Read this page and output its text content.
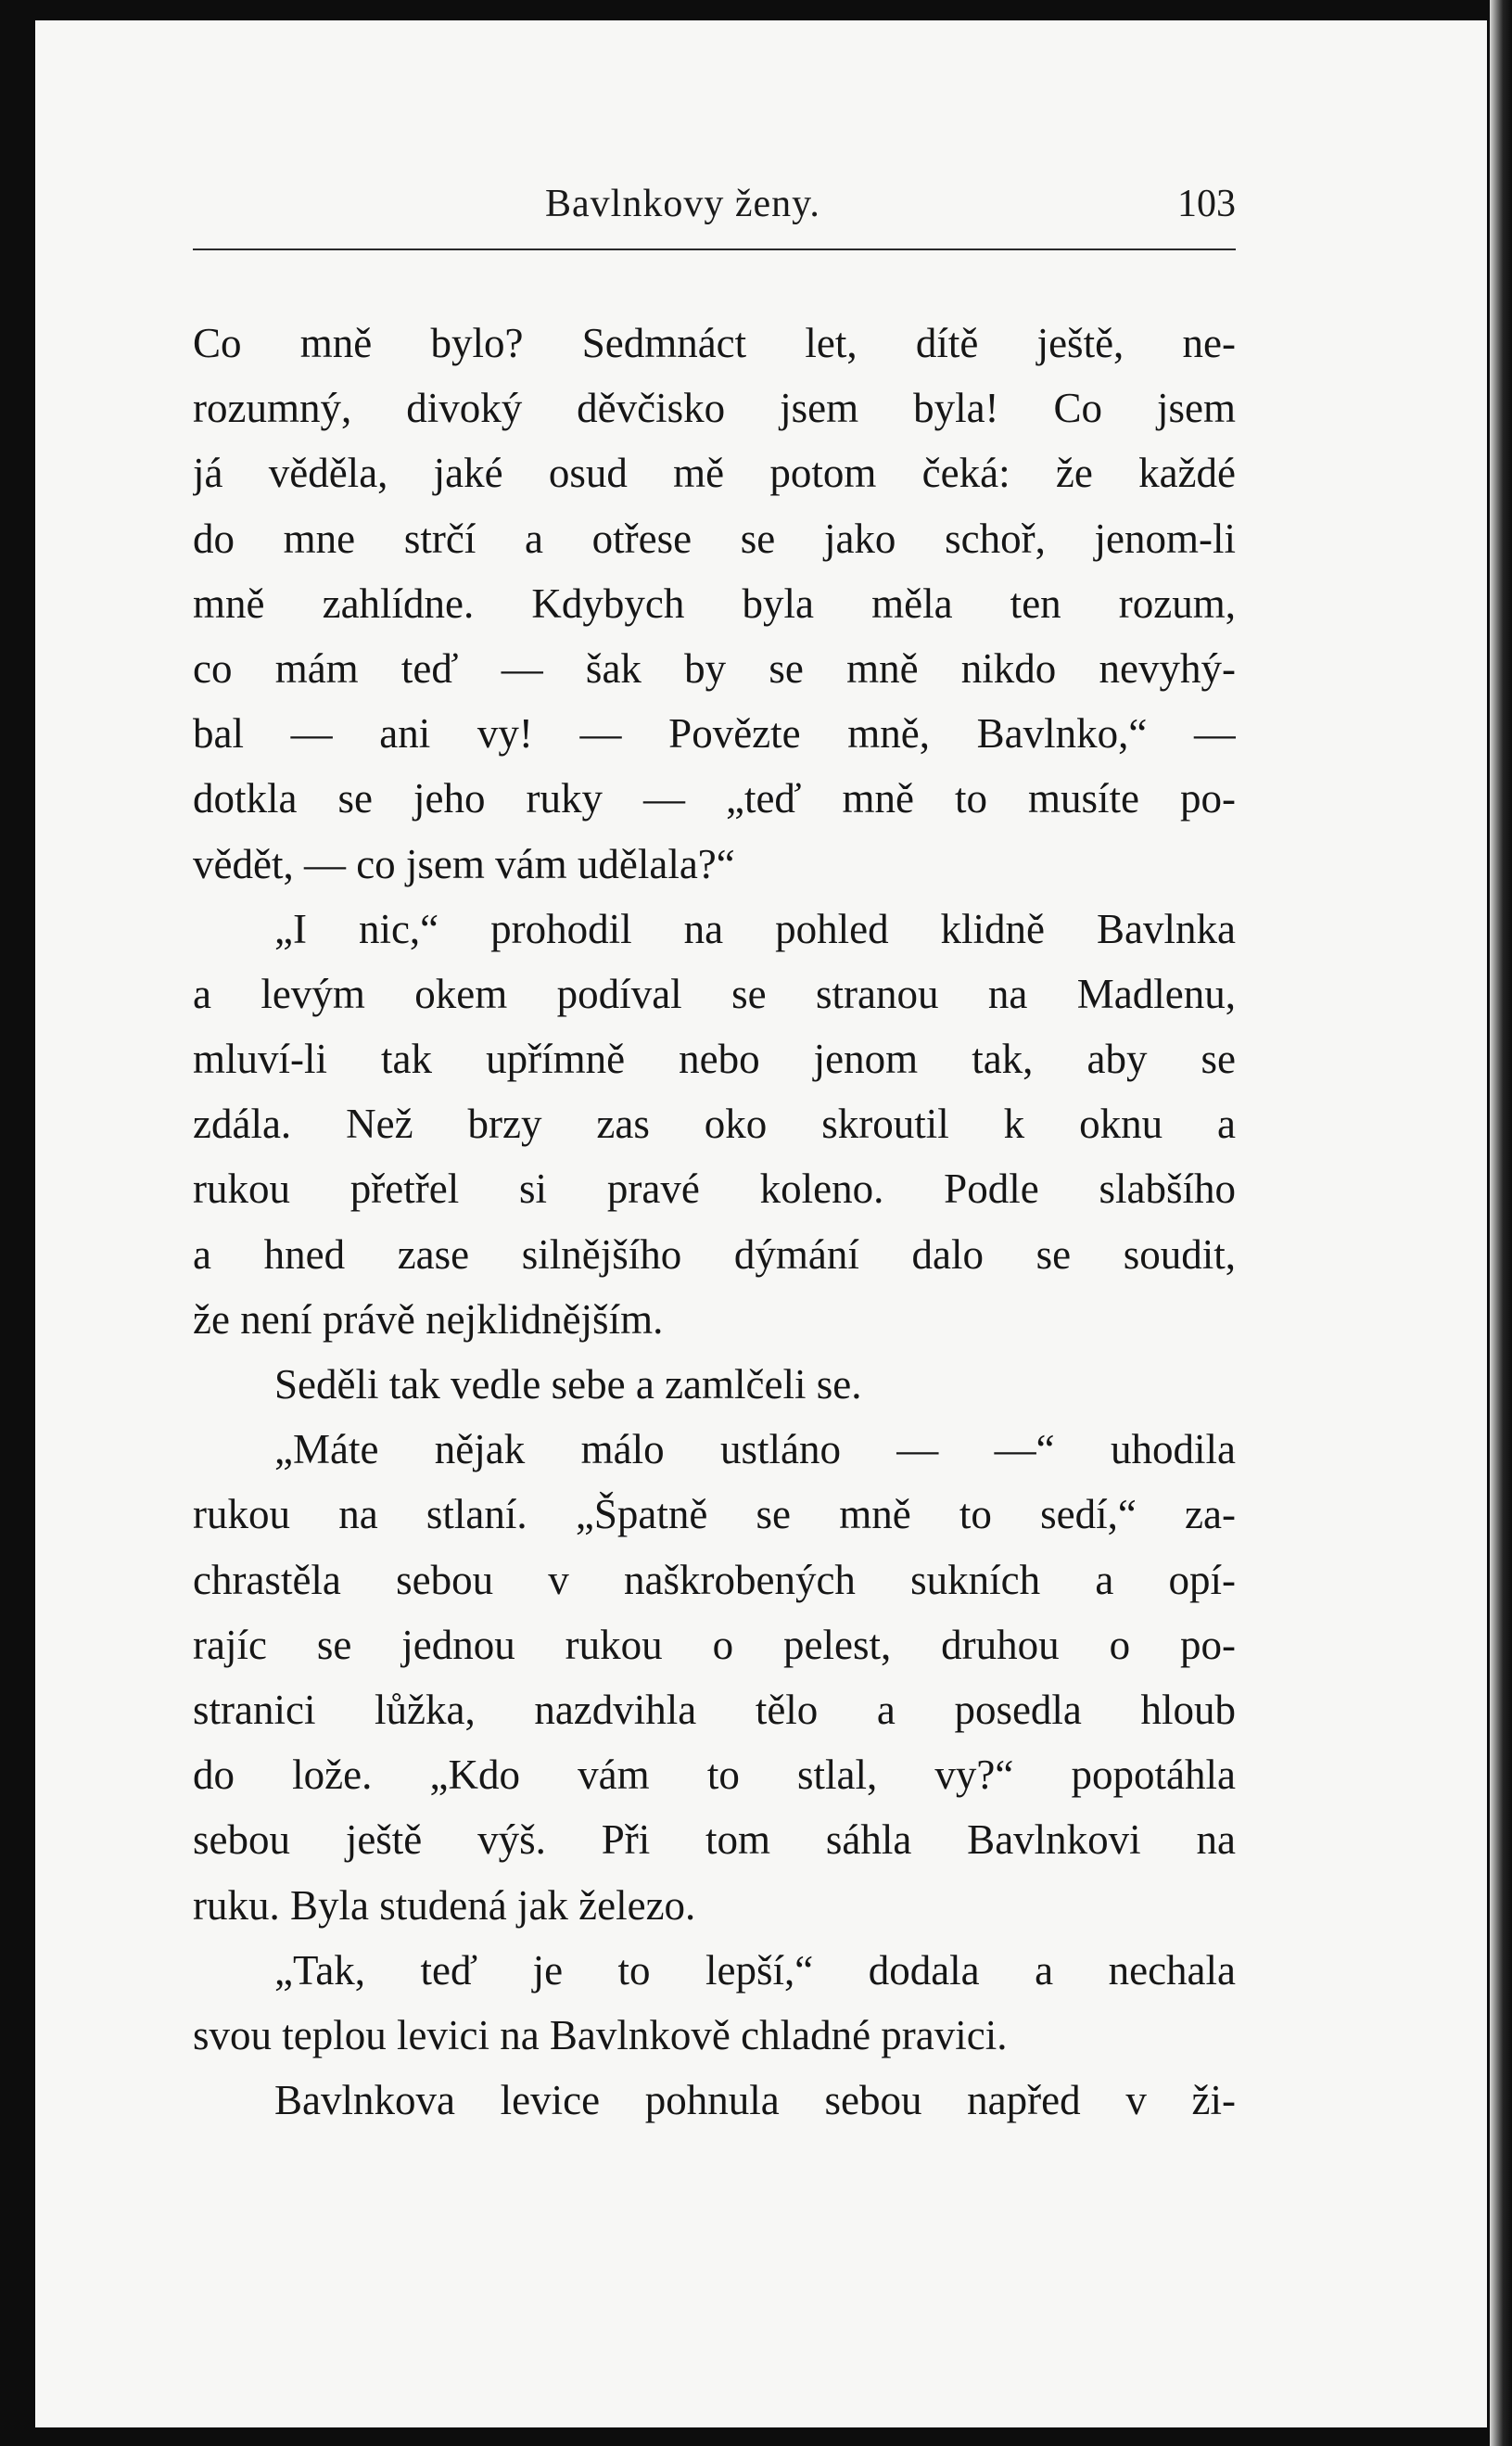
Bavlnkovy ženy.	103
Co mně bylo? Sedmnáct let, dítě ještě, ne-
rozumný, divoký děvčisko jsem byla! Co jsem
já věděla, jaké osud mě potom čeká: že každé
do mne strčí a otřese se jako schoř, jenom-li
mně zahlídne. Kdybych byla měla ten rozum,
co mám teď — šak by se mně nikdo nevyhý-
bal — ani vy! — Povězte mně, Bavlnko,“ —
dotkla se jeho ruky — „teď mně to musíte po-
vědět, — co jsem vám udělala?“
„I nic,“ prohodil na pohled klidně Bavlnka
a levým okem podíval se stranou na Madlenu,
mluví-li tak upřímně nebo jenom tak, aby se
zdála. Než brzy zas oko skroutil k oknu a
rukou přetřel si pravé koleno. Podle slabšího
a hned zase silnějšího dýmání dalo se soudit,
že není právě nejklidnějším.
Seděli tak vedle sebe a zamlčeli se.
„Máte nějak málo ustláno — —“ uhodila
rukou na stlaní. „Špatně se mně to sedí,“ za-
chrastěla sebou v naškrobených sukních a opí-
rajíc se jednou rukou o pelest, druhou o po-
stranici lůžka, nazdvihla tělo a posedla hloub
do lože. „Kdo vám to stlal, vy?“ popotáhla
sebou ještě výš. Při tom sáhla Bavlnkovi na
ruku. Byla studená jak železo.
„Tak, teď je to lepší,“ dodala a nechala
svou teplou levici na Bavlnkově chladné pravici.
Bavlnkova levice pohnula sebou napřed v ži-
